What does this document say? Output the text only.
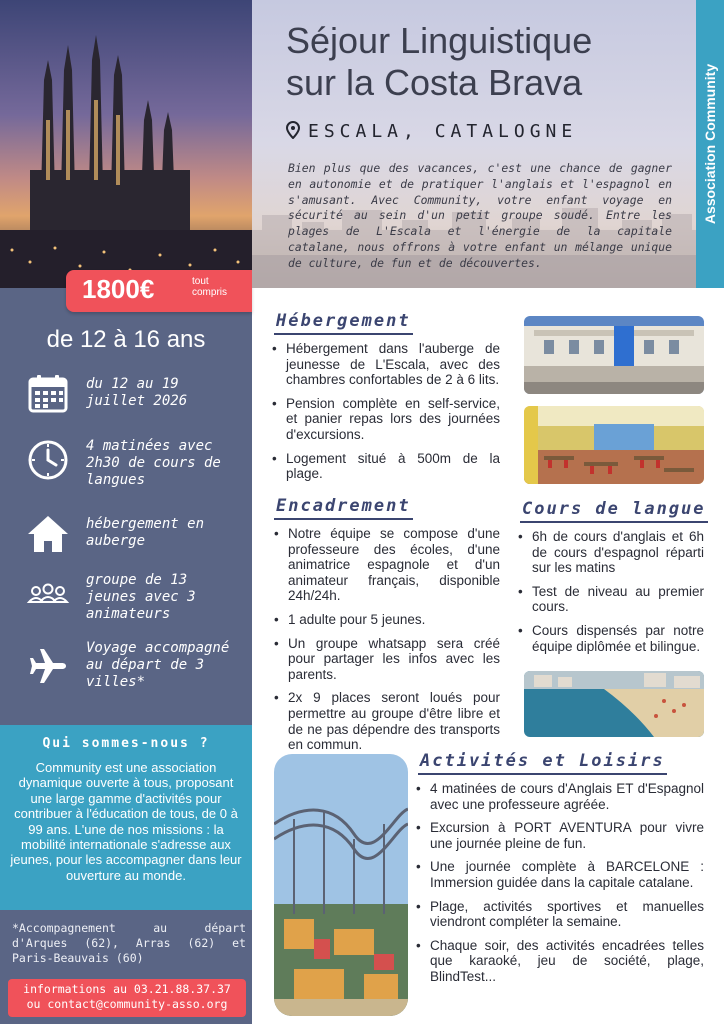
1800€	tout compris
de 12 à 16 ans
du 12 au 19 juillet 2026
4 matinées avec 2h30 de cours de langues
hébergement en auberge
groupe de 13 jeunes avec 3 animateurs
Voyage accompagné au départ de 3 villes*
Qui sommes-nous ?
Community est une association dynamique ouverte à tous, proposant une large gamme d'activités pour contribuer à l'éducation de tous, de 0 à 99 ans. L'une de nos missions : la mobilité internationale s'adresse aux jeunes, pour les accompagner dans leur ouverture au monde.
*Accompagnement au départ d'Arques (62), Arras (62) et Paris-Beauvais (60)
informations au 03.21.88.37.37
ou contact@community-asso.org
Séjour Linguistique
sur la Costa Brava
ESCALA, CATALOGNE
Bien plus que des vacances, c'est une chance de gagner en autonomie et de pratiquer l'anglais et l'espagnol en s'amusant. Avec Community, votre enfant voyage en sécurité au sein d'un petit groupe soudé. Entre les plages de L'Escala et l'énergie de la capitale catalane, nous offrons à votre enfant un mélange unique de culture, de fun et de découvertes.
Association Community
Hébergement
• Hébergement dans l'auberge de jeunesse de L'Escala, avec des chambres confortables de 2 à 6 lits.
• Pension complète en self-service, et panier repas lors des journées d'excursions.
• Logement situé à 500m de la plage.
Encadrement
• Notre équipe se compose d'une professeure des écoles, d'une animatrice espagnole et d'un animateur français, disponible 24h/24h.
• 1 adulte pour 5 jeunes.
• Un groupe whatsapp sera créé pour partager les infos avec les parents.
• 2x 9 places seront loués pour permettre au groupe d'être libre et de ne pas dépendre des transports en commun.
Cours de langue
• 6h de cours d'anglais et 6h de cours d'espagnol réparti sur les matins
• Test de niveau au premier cours.
• Cours dispensés par notre équipe diplômée et bilingue.
Activités et Loisirs
• 4 matinées de cours d'Anglais ET d'Espagnol avec une professeure agréée.
• Excursion à PORT AVENTURA pour vivre une journée pleine de fun.
• Une journée complète à BARCELONE : Immersion guidée dans la capitale catalane.
• Plage, activités sportives et manuelles viendront compléter la semaine.
• Chaque soir, des activités encadrées telles que karaoké, jeu de société, plage, BlindTest...
